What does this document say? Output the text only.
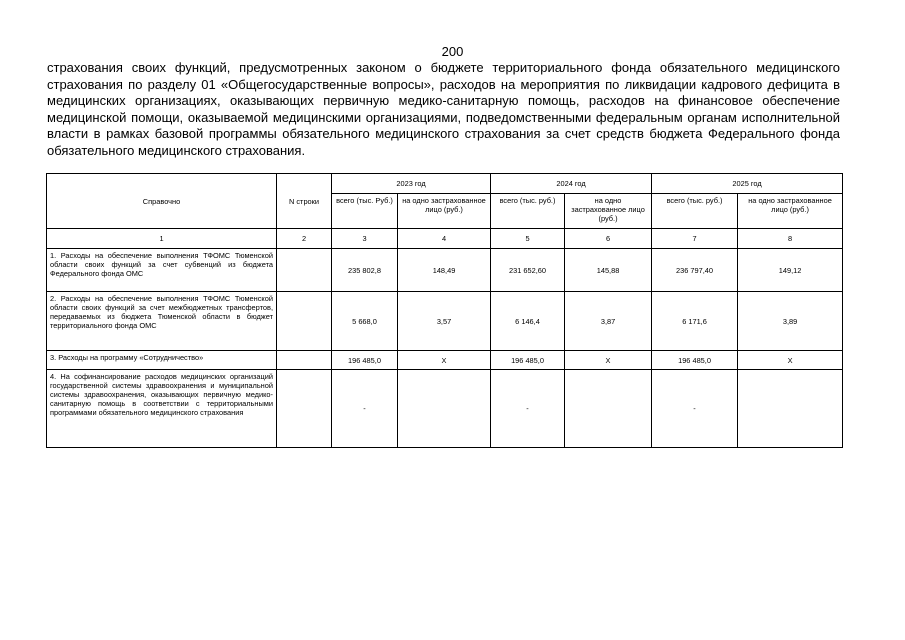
200

страхования своих функций, предусмотренных законом о бюджете территориального фонда обязательного медицинского страхования по разделу 01 «Общегосударственные вопросы», расходов на мероприятия по ликвидации кадрового дефицита в медицинских организациях, оказывающих первичную медико-санитарную помощь, расходов на финансовое обеспечение медицинской помощи, оказываемой медицинскими организациями, подведомственными федеральным органам исполнительной власти в рамках базовой программы обязательного медицинского страхования за счет средств бюджета Федерального фонда обязательного медицинского страхования.

Справочно	N строки	2023 год		2024 год		2025 год	
		всего (тыс. Руб.)	на одно застрахованное лицо (руб.)	всего (тыс. руб.)	на одно застрахованное лицо (руб.)	всего (тыс. руб.)	на одно застрахованное лицо (руб.)
1	2	3	4	5	6	7	8
1. Расходы на обеспечение выполнения ТФОМС Тюменской области своих функций за счет субвенций из бюджета Федерального фонда ОМС		235 802,8	148,49	231 652,60	145,88	236 797,40	149,12
2. Расходы на обеспечение выполнения ТФОМС Тюменской области своих функций за счет межбюджетных трансфертов, передаваемых из бюджета Тюменской области в бюджет территориального фонда ОМС		5 668,0	3,57	6 146,4	3,87	6 171,6	3,89
3. Расходы на программу «Сотрудничество»		196 485,0	X	196 485,0	X	196 485,0	X
4. На софинансирование расходов медицинских организаций государственной системы здравоохранения и муниципальной системы здравоохранения, оказывающих первичную медико-санитарную помощь в соответствии с территориальными программами обязательного медицинского страхования		-		-		-	
